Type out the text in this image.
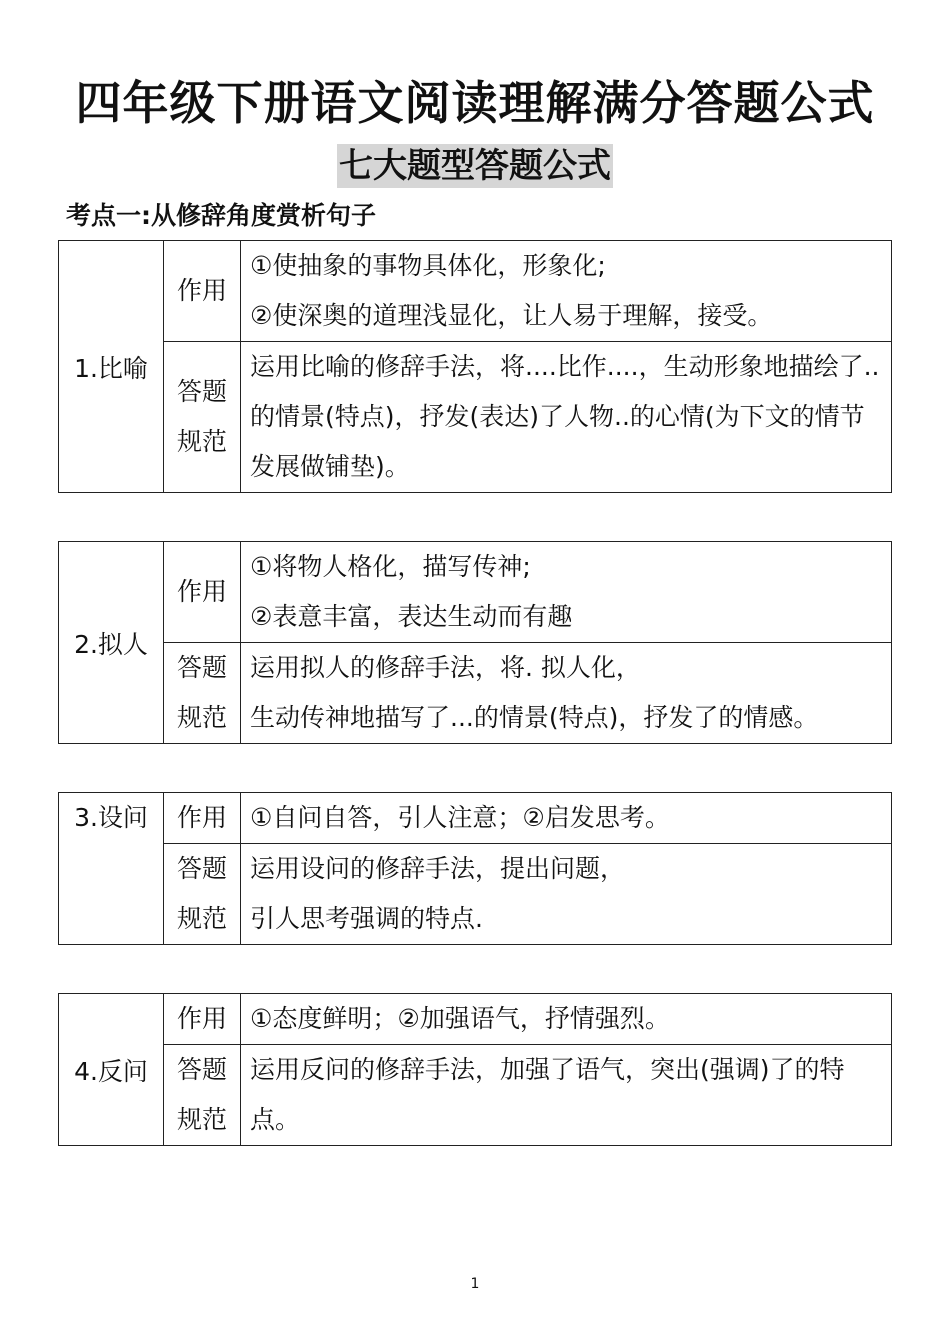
四年级下册语文阅读理解满分答题公式
七大题型答题公式
考点一:从修辞角度赏析句子
1.比喻	作用	①使抽象的事物具体化，形象化;
②使深奥的道理浅显化，让人易于理解，接受。

	答题
规范	运用比喻的修辞手法，将....比作....，生动形象地描绘了..的情景(特点)，抒发(表达)了人物..的心情(为下文的情节发展做铺垫)。
2.拟人	作用	①将物人格化，描写传神;
②表意丰富，表达生动而有趣

	答题
规范	运用拟人的修辞手法，将. 拟人化，
生动传神地描写了...的情景(特点)，抒发了的情感。
3.设问	作用	①自问自答，引人注意；②启发思考。

	答题
规范	运用设问的修辞手法，提出问题，
引人思考强调的特点.
4.反问	作用	①态度鲜明；②加强语气，抒情强烈。

	答题
规范	运用反问的修辞手法，加强了语气，突出(强调)了的特点。
1
